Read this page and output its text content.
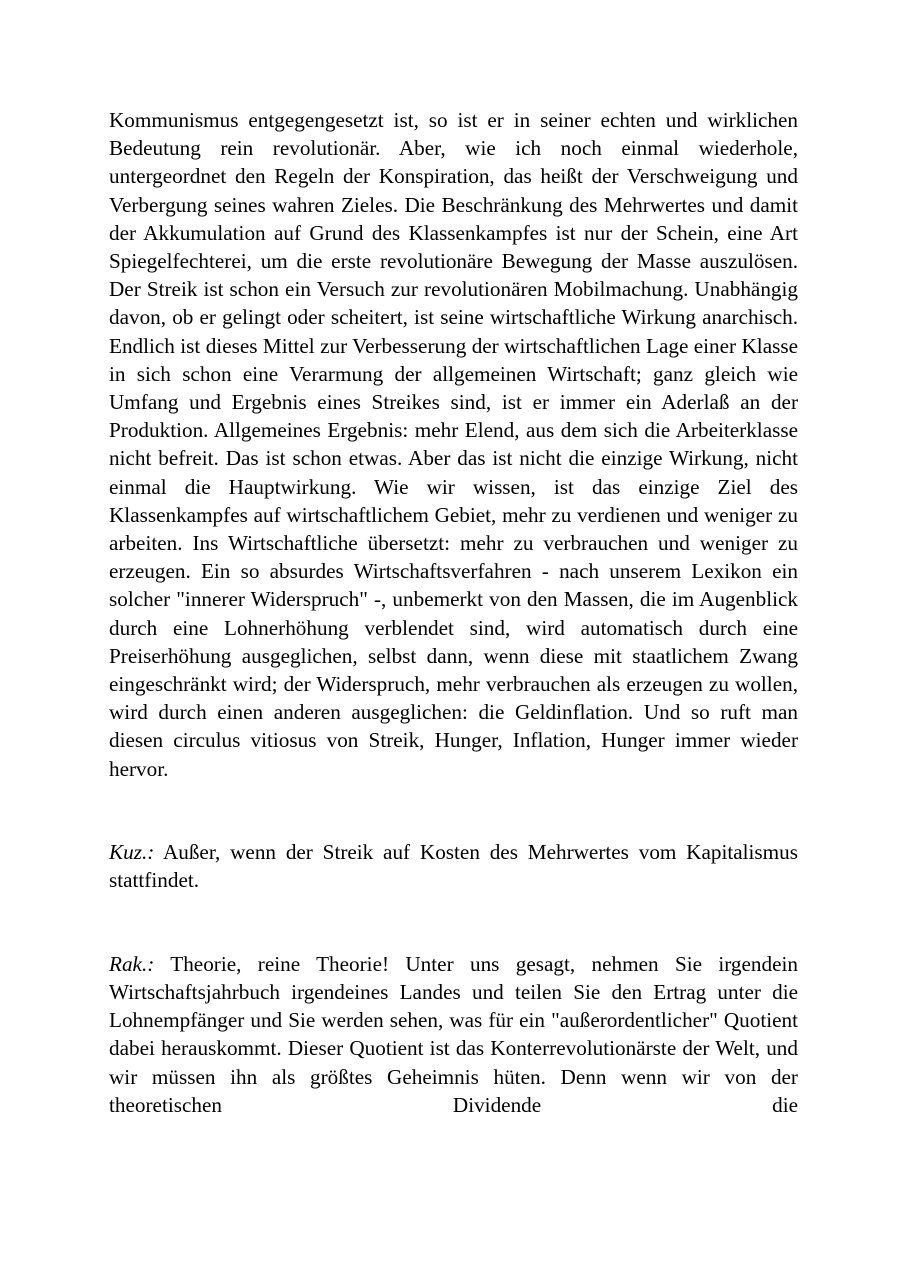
Kommunismus entgegengesetzt ist, so ist er in seiner echten und wirklichen Bedeutung rein revolutionär. Aber, wie ich noch einmal wiederhole, untergeordnet den Regeln der Konspiration, das heißt der Verschweigung und Verbergung seines wahren Zieles. Die Beschränkung des Mehrwertes und damit der Akkumulation auf Grund des Klassenkampfes ist nur der Schein, eine Art Spiegelfechterei, um die erste revolutionäre Bewegung der Masse auszulösen. Der Streik ist schon ein Versuch zur revolutionären Mobilmachung. Unabhängig davon, ob er gelingt oder scheitert, ist seine wirtschaftliche Wirkung anarchisch. Endlich ist dieses Mittel zur Verbesserung der wirtschaftlichen Lage einer Klasse in sich schon eine Verarmung der allgemeinen Wirtschaft; ganz gleich wie Umfang und Ergebnis eines Streikes sind, ist er immer ein Aderlaß an der Produktion. Allgemeines Ergebnis: mehr Elend, aus dem sich die Arbeiterklasse nicht befreit. Das ist schon etwas. Aber das ist nicht die einzige Wirkung, nicht einmal die Hauptwirkung. Wie wir wissen, ist das einzige Ziel des Klassenkampfes auf wirtschaftlichem Gebiet, mehr zu verdienen und weniger zu arbeiten. Ins Wirtschaftliche übersetzt: mehr zu verbrauchen und weniger zu erzeugen. Ein so absurdes Wirtschaftsverfahren - nach unserem Lexikon ein solcher "innerer Widerspruch" -, unbemerkt von den Massen, die im Augenblick durch eine Lohnerhöhung verblendet sind, wird automatisch durch eine Preiserhöhung ausgeglichen, selbst dann, wenn diese mit staatlichem Zwang eingeschränkt wird; der Widerspruch, mehr verbrauchen als erzeugen zu wollen, wird durch einen anderen ausgeglichen: die Geldinflation. Und so ruft man diesen circulus vitiosus von Streik, Hunger, Inflation, Hunger immer wieder hervor.

Kuz.: Außer, wenn der Streik auf Kosten des Mehrwertes vom Kapitalismus stattfindet.

Rak.: Theorie, reine Theorie! Unter uns gesagt, nehmen Sie irgendein Wirtschaftsjahrbuch irgendeines Landes und teilen Sie den Ertrag unter die Lohnempfänger und Sie werden sehen, was für ein "außerordentlicher" Quotient dabei herauskommt. Dieser Quotient ist das Konterrevolutionärste der Welt, und wir müssen ihn als größtes Geheimnis hüten. Denn wenn wir von der theoretischen Dividende die
